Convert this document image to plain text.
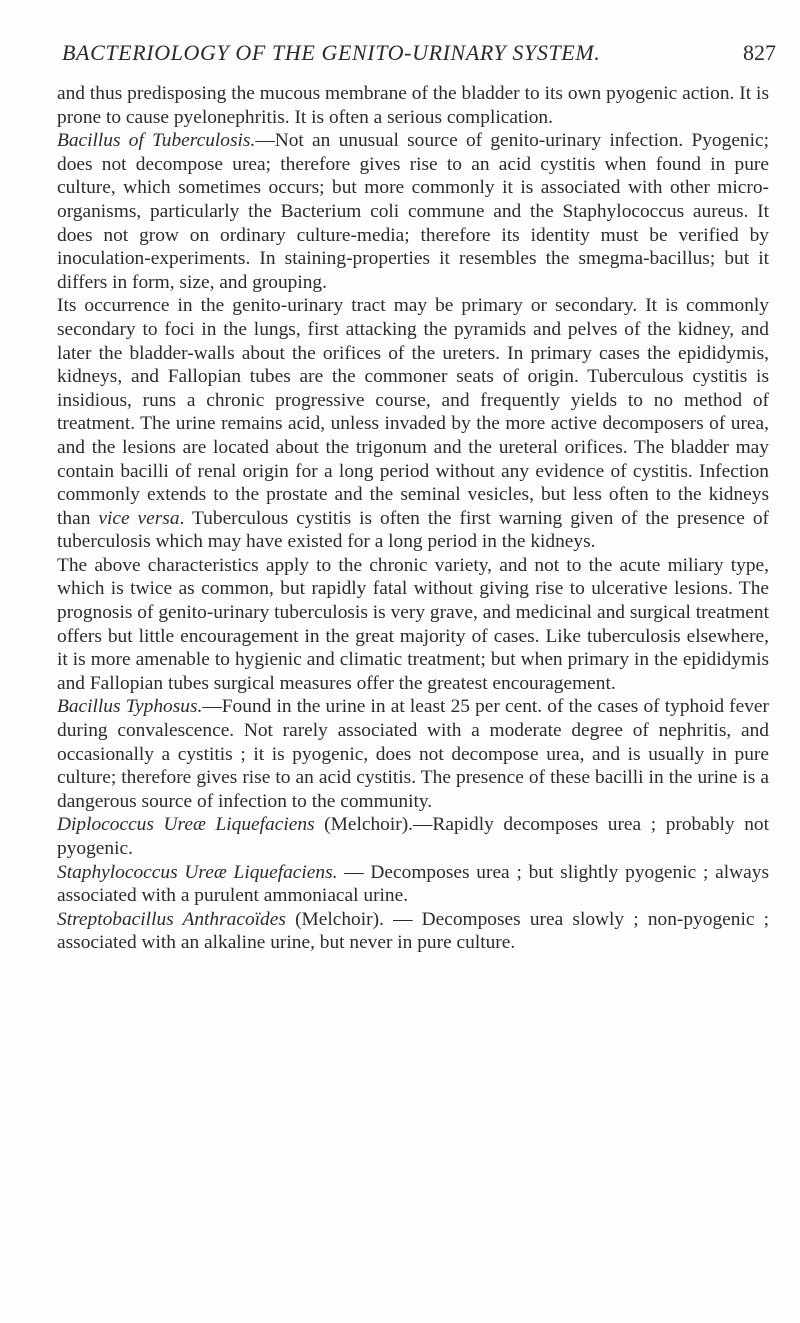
BACTERIOLOGY OF THE GENITO-URINARY SYSTEM.	827

and thus predisposing the mucous membrane of the bladder to its own pyogenic action. It is prone to cause pyelonephritis. It is often a serious complication.

Bacillus of Tuberculosis.—Not an unusual source of genito-urinary infection. Pyogenic; does not decompose urea; therefore gives rise to an acid cystitis when found in pure culture, which sometimes occurs; but more commonly it is associated with other micro-organisms, particularly the Bacterium coli commune and the Staphylococcus aureus. It does not grow on ordinary culture-media; therefore its identity must be verified by inoculation-experiments. In staining-properties it resembles the smegma-bacillus; but it differs in form, size, and grouping.

Its occurrence in the genito-urinary tract may be primary or secondary. It is commonly secondary to foci in the lungs, first attacking the pyramids and pelves of the kidney, and later the bladder-walls about the orifices of the ureters. In primary cases the epididymis, kidneys, and Fallopian tubes are the commoner seats of origin. Tuberculous cystitis is insidious, runs a chronic progressive course, and frequently yields to no method of treatment. The urine remains acid, unless invaded by the more active decomposers of urea, and the lesions are located about the trigonum and the ureteral orifices. The bladder may contain bacilli of renal origin for a long period without any evidence of cystitis. Infection commonly extends to the prostate and the seminal vesicles, but less often to the kidneys than vice versa. Tuberculous cystitis is often the first warning given of the presence of tuberculosis which may have existed for a long period in the kidneys.

The above characteristics apply to the chronic variety, and not to the acute miliary type, which is twice as common, but rapidly fatal without giving rise to ulcerative lesions. The prognosis of genito-urinary tuberculosis is very grave, and medicinal and surgical treatment offers but little encouragement in the great majority of cases. Like tuberculosis elsewhere, it is more amenable to hygienic and climatic treatment; but when primary in the epididymis and Fallopian tubes surgical measures offer the greatest encouragement.

Bacillus Typhosus.—Found in the urine in at least 25 per cent. of the cases of typhoid fever during convalescence. Not rarely associated with a moderate degree of nephritis, and occasionally a cystitis ; it is pyogenic, does not decompose urea, and is usually in pure culture; therefore gives rise to an acid cystitis. The presence of these bacilli in the urine is a dangerous source of infection to the community.

Diplococcus Ureæ Liquefaciens (Melchoir).—Rapidly decomposes urea ; probably not pyogenic.

Staphylococcus Ureæ Liquefaciens. — Decomposes urea ; but slightly pyogenic ; always associated with a purulent ammoniacal urine.

Streptobacillus Anthracoïdes (Melchoir). — Decomposes urea slowly ; non-pyogenic ; associated with an alkaline urine, but never in pure culture.
